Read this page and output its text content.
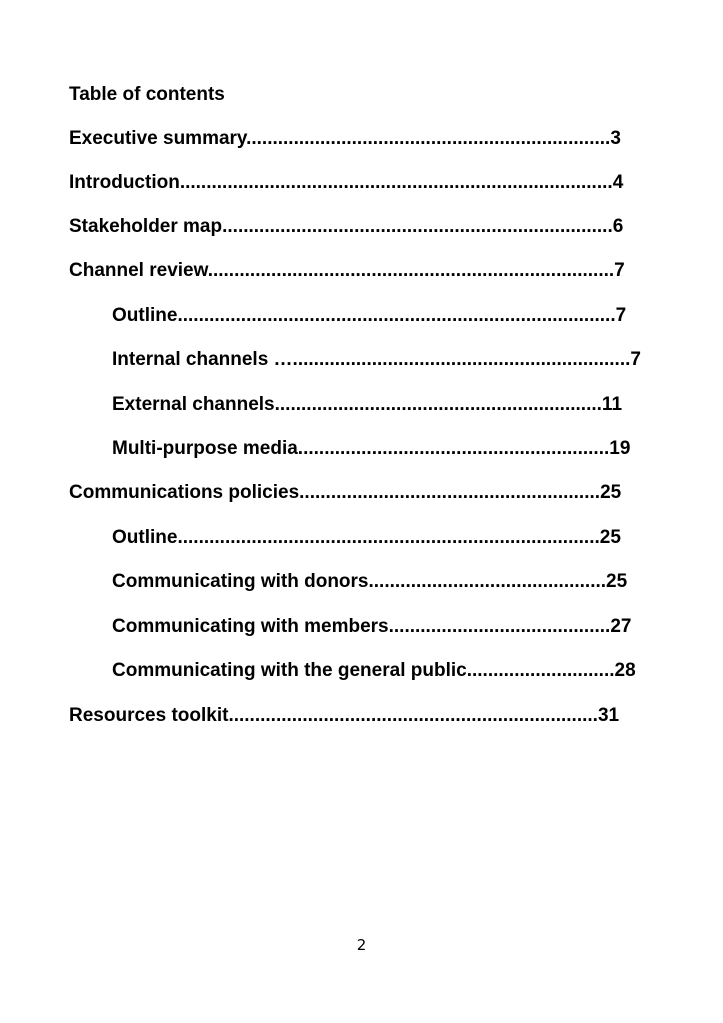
Table of contents
Executive summary.....................................................................3
Introduction..................................................................................4
Stakeholder map..........................................................................6
Channel review.............................................................................7
Outline...................................................................................7
Internal channels …................................................................7
External channels..............................................................11
Multi-purpose media...........................................................19
Communications policies.........................................................25
Outline................................................................................25
Communicating with donors.............................................25
Communicating with members..........................................27
Communicating with the general public............................28
Resources toolkit......................................................................31
2
